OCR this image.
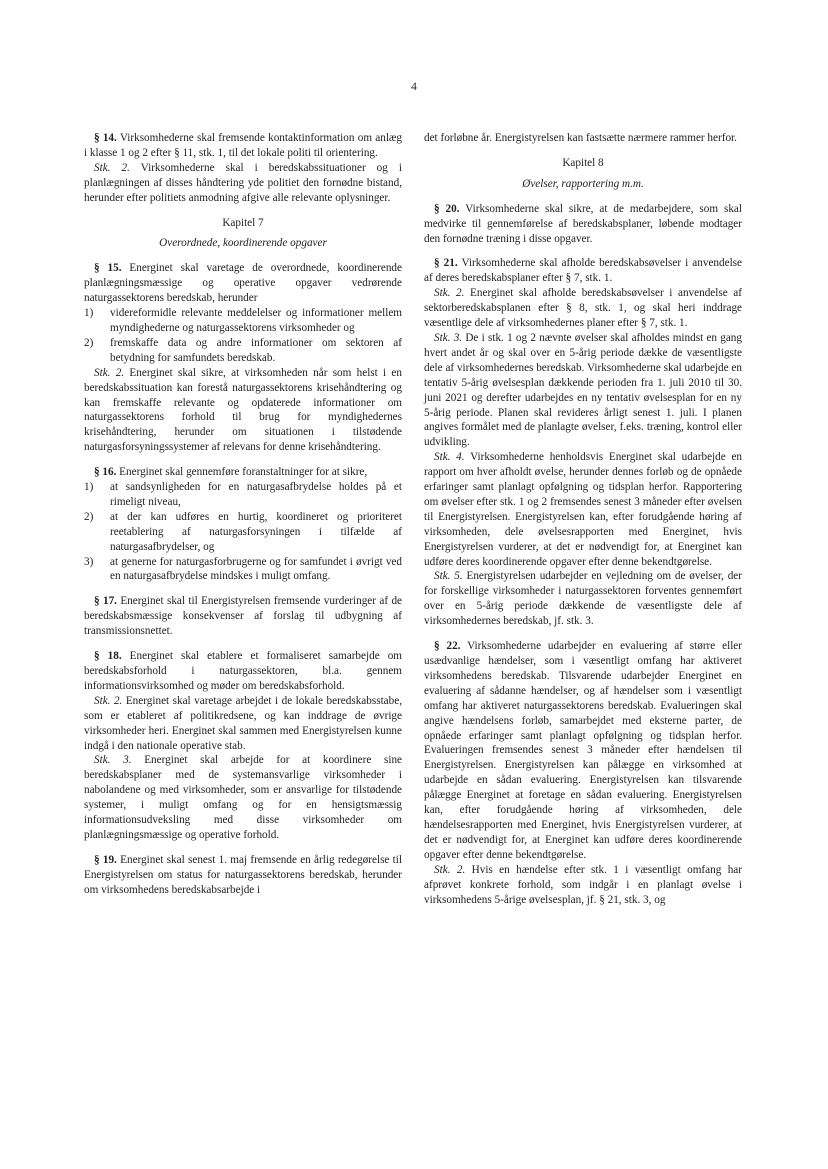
4

§ 14. Virksomhederne skal fremsende kontaktinformation om anlæg i klasse 1 og 2 efter § 11, stk. 1, til det lokale politi til orientering.

Stk. 2. Virksomhederne skal i beredskabssituationer og i planlægningen af disses håndtering yde politiet den fornødne bistand, herunder efter politiets anmodning afgive alle relevante oplysninger.

Kapitel 7
Overordnede, koordinerende opgaver

§ 15. Energinet skal varetage de overordnede, koordinerende planlægningsmæssige og operative opgaver vedrørende naturgassektorens beredskab, herunder

1)	videreformidle relevante meddelelser og informationer mellem myndighederne og naturgassektorens virksomheder og
2)	fremskaffe data og andre informationer om sektoren af betydning for samfundets beredskab.

Stk. 2. Energinet skal sikre, at virksomheden når som helst i en beredskabssituation kan forestå naturgassektorens krisehåndtering og kan fremskaffe relevante og opdaterede informationer om naturgassektorens forhold til brug for myndighedernes krisehåndtering, herunder om situationen i tilstødende naturgasforsyningssystemer af relevans for denne krisehåndtering.

§ 16. Energinet skal gennemføre foranstaltninger for at sikre,

1)	at sandsynligheden for en naturgasafbrydelse holdes på et rimeligt niveau,
2)	at der kan udføres en hurtig, koordineret og prioriteret reetablering af naturgasforsyningen i tilfælde af naturgasafbrydelser, og
3)	at generne for naturgasforbrugerne og for samfundet i øvrigt ved en naturgasafbrydelse mindskes i muligt omfang.

§ 17. Energinet skal til Energistyrelsen fremsende vurderinger af de beredskabsmæssige konsekvenser af forslag til udbygning af transmissionsnettet.

§ 18. Energinet skal etablere et formaliseret samarbejde om beredskabsforhold i naturgassektoren, bl.a. gennem informationsvirksomhed og møder om beredskabsforhold.

Stk. 2. Energinet skal varetage arbejdet i de lokale beredskabsstabe, som er etableret af politikredsene, og kan inddrage de øvrige virksomheder heri. Energinet skal sammen med Energistyrelsen kunne indgå i den nationale operative stab.

Stk. 3. Energinet skal arbejde for at koordinere sine beredskabsplaner med de systemansvarlige virksomheder i nabolandene og med virksomheder, som er ansvarlige for tilstødende systemer, i muligt omfang og for en hensigtsmæssig informationsudveksling med disse virksomheder om planlægningsmæssige og operative forhold.

§ 19. Energinet skal senest 1. maj fremsende en årlig redegørelse til Energistyrelsen om status for naturgassektorens beredskab, herunder om virksomhedens beredskabsarbejde i

det forløbne år. Energistyrelsen kan fastsætte nærmere rammer herfor.

Kapitel 8
Øvelser, rapportering m.m.

§ 20. Virksomhederne skal sikre, at de medarbejdere, som skal medvirke til gennemførelse af beredskabsplaner, løbende modtager den fornødne træning i disse opgaver.

§ 21. Virksomhederne skal afholde beredskabsøvelser i anvendelse af deres beredskabsplaner efter § 7, stk. 1.

Stk. 2. Energinet skal afholde beredskabsøvelser i anvendelse af sektorberedskabsplanen efter § 8, stk. 1, og skal heri inddrage væsentlige dele af virksomhedernes planer efter § 7, stk. 1.

Stk. 3. De i stk. 1 og 2 nævnte øvelser skal afholdes mindst en gang hvert andet år og skal over en 5-årig periode dække de væsentligste dele af virksomhedernes beredskab. Virksomhederne skal udarbejde en tentativ 5-årig øvelsesplan dækkende perioden fra 1. juli 2010 til 30. juni 2021 og derefter udarbejdes en ny tentativ øvelsesplan for en ny 5-årig periode. Planen skal revideres årligt senest 1. juli. I planen angives formålet med de planlagte øvelser, f.eks. træning, kontrol eller udvikling.

Stk. 4. Virksomhederne henholdsvis Energinet skal udarbejde en rapport om hver afholdt øvelse, herunder dennes forløb og de opnåede erfaringer samt planlagt opfølgning og tidsplan herfor. Rapportering om øvelser efter stk. 1 og 2 fremsendes senest 3 måneder efter øvelsen til Energistyrelsen. Energistyrelsen kan, efter forudgående høring af virksomheden, dele øvelsesrapporten med Energinet, hvis Energistyrelsen vurderer, at det er nødvendigt for, at Energinet kan udføre deres koordinerende opgaver efter denne bekendtgørelse.

Stk. 5. Energistyrelsen udarbejder en vejledning om de øvelser, der for forskellige virksomheder i naturgassektoren forventes gennemført over en 5-årig periode dækkende de væsentligste dele af virksomhedernes beredskab, jf. stk. 3.

§ 22. Virksomhederne udarbejder en evaluering af større eller usædvanlige hændelser, som i væsentligt omfang har aktiveret virksomhedens beredskab. Tilsvarende udarbejder Energinet en evaluering af sådanne hændelser, og af hændelser som i væsentligt omfang har aktiveret naturgassektorens beredskab. Evalueringen skal angive hændelsens forløb, samarbejdet med eksterne parter, de opnåede erfaringer samt planlagt opfølgning og tidsplan herfor. Evalueringen fremsendes senest 3 måneder efter hændelsen til Energistyrelsen. Energistyrelsen kan pålægge en virksomhed at udarbejde en sådan evaluering. Energistyrelsen kan tilsvarende pålægge Energinet at foretage en sådan evaluering. Energistyrelsen kan, efter forudgående høring af virksomheden, dele hændelsesrapporten med Energinet, hvis Energistyrelsen vurderer, at det er nødvendigt for, at Energinet kan udføre deres koordinerende opgaver efter denne bekendtgørelse.

Stk. 2. Hvis en hændelse efter stk. 1 i væsentligt omfang har afprøvet konkrete forhold, som indgår i en planlagt øvelse i virksomhedens 5-årige øvelsesplan, jf. § 21, stk. 3, og
